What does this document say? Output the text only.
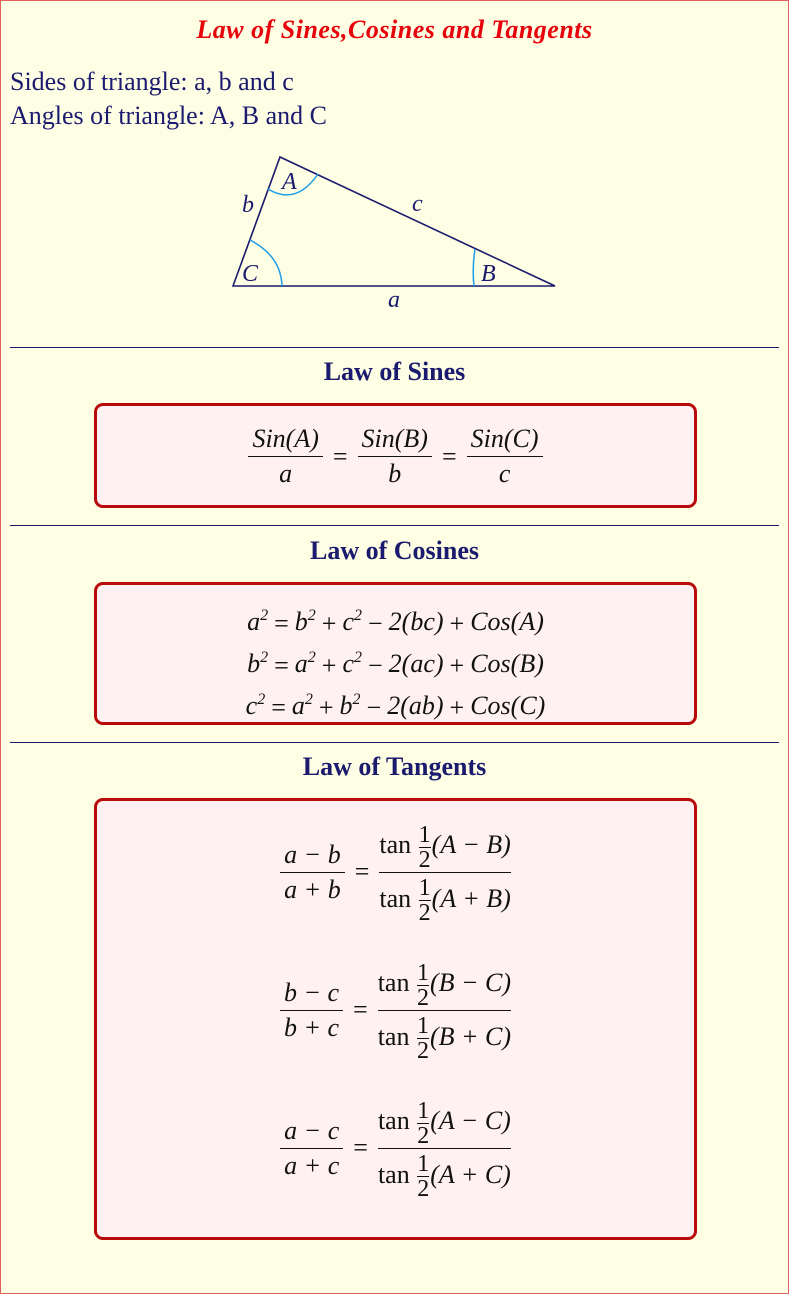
Law of Sines,Cosines and Tangents
Sides of triangle: a, b and c
Angles of triangle: A, B and C
A
B
C
a
b	c
Law of Sines
$\frac{\text{Sin(A)}}{a} = \frac{\text{Sin(B)}}{b} = \frac{\text{Sin(C)}}{c}$
Law of Cosines
$a^2 = b^2 + c^2 - 2(bc) + Cos(A)$
$b^2 = a^2 + c^2 - 2(ac) + Cos(B)$
$c^2 = a^2 + b^2 - 2(ab) + Cos(C)$
Law of Tangents
$\frac{a - b}{a + b} = \frac{\tan \frac{1}{2} (A - B)}{\tan \frac{1}{2} (A + B)}$
$\frac{b - c}{b + c} = \frac{\tan \frac{1}{2} (B - C)}{\tan \frac{1}{2} (B + C)}$
$\frac{a - c}{a + c} = \frac{\tan \frac{1}{2} (A - C)}{\tan \frac{1}{2} (A + C)}$
